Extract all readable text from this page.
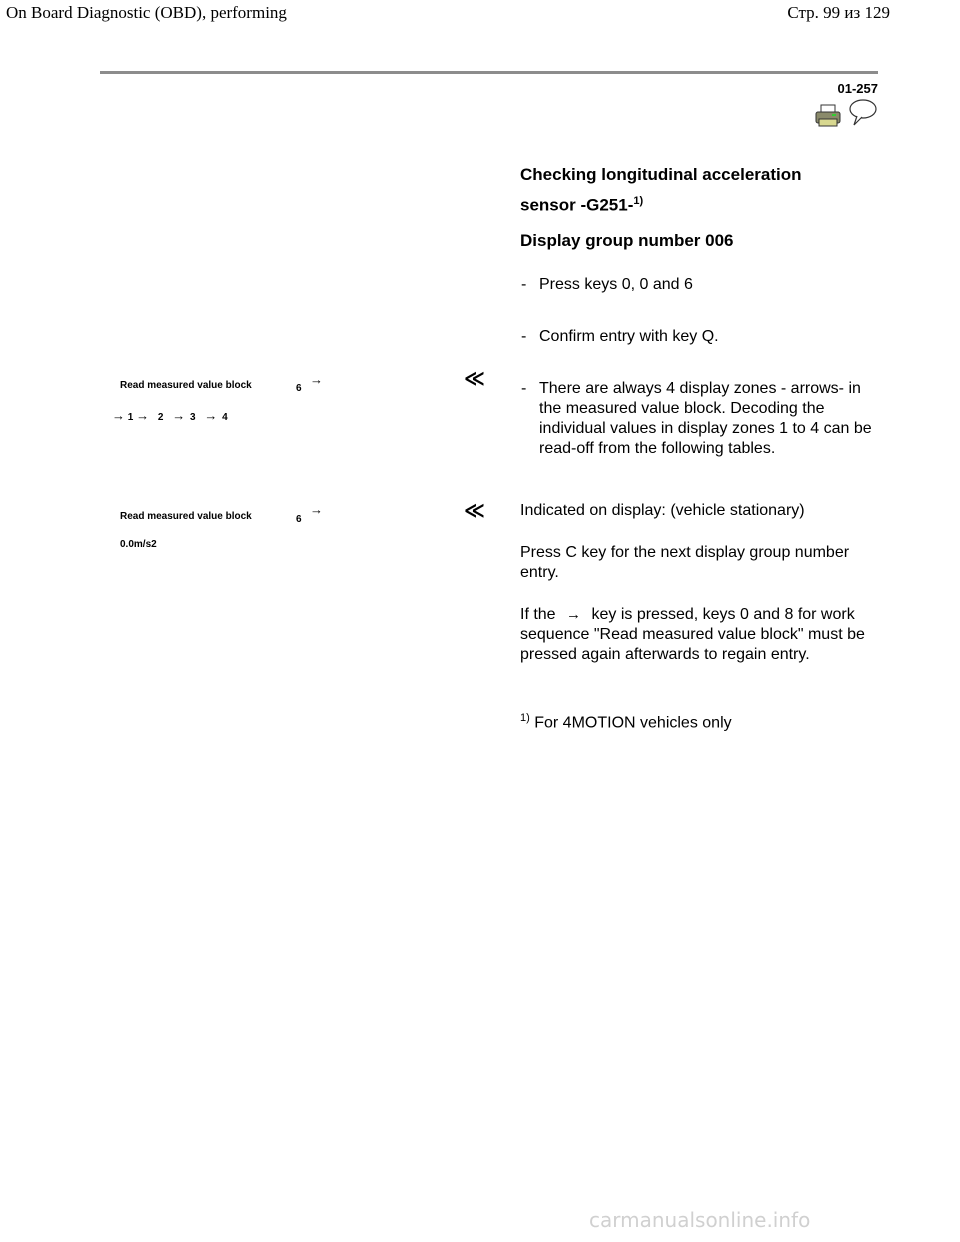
On Board Diagnostic (OBD), performing	Стр. 99 из 129
01-257
Checking longitudinal acceleration
sensor -G251-$^{1)}$
Display group number 006
- Press keys 0, 0 and 6
- Confirm entry with key Q.
- There are always 4 display zones - arrows- in the measured value block. Decoding the individual values in display zones 1 to 4 can be read-off from the following tables.
Read measured value block	6
→
→ 1 → 2 → 3 → 4
≪
Read measured value block	6
→
0.0m/s2
≪ Indicated on display: (vehicle stationary)
Press C key for the next display group number entry.
If the → key is pressed, keys 0 and 8 for work sequence "Read measured value block" must be pressed again afterwards to regain entry.
$^{1)}$ For 4MOTION vehicles only
carmanualsonline.info
